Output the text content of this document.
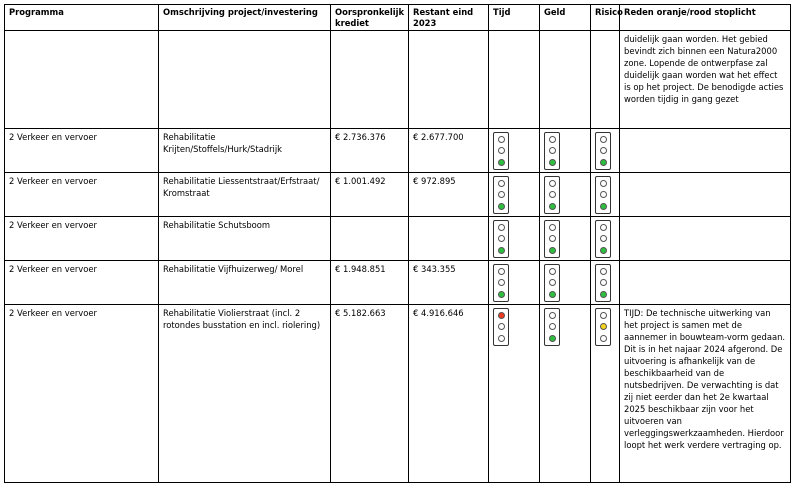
Programma	Omschrijving project/investering	Oorspronkelijk krediet	Restant eind 2023	Tijd	Geld	Risico	Reden oranje/rood stoplicht
							duidelijk gaan worden. Het gebied bevindt zich binnen een Natura2000 zone. Lopende de ontwerpfase zal duidelijk gaan worden wat het effect is op het project. De benodigde acties worden tijdig in gang gezet
2 Verkeer en vervoer	Rehabilitatie Krijten/Stoffels/Hurk/Stadrijk	€ 2.736.376	€ 2.677.700	

2 Verkeer en vervoer	Rehabilitatie Liessentstraat/Erfstraat/ Kromstraat	€ 1.001.492	€ 972.895	

2 Verkeer en vervoer	Rehabilitatie Schutsboom			

2 Verkeer en vervoer	Rehabilitatie Vijfhuizerweg/ Morel	€ 1.948.851	€ 343.355	

2 Verkeer en vervoer	Rehabilitatie Violierstraat (incl. 2 rotondes busstation en incl. riolering)	€ 5.182.663	€ 4.916.646				TIJD: De technische uitwerking van het project is samen met de aannemer in bouwteam-vorm gedaan. Dit is in het najaar 2024 afgerond. De uitvoering is afhankelijk van de beschikbaarheid van de nutsbedrijven. De verwachting is dat zij niet eerder dan het 2e kwartaal 2025 beschikbaar zijn voor het uitvoeren van verleggingswerkzaamheden. Hierdoor loopt het werk verdere vertraging op.
